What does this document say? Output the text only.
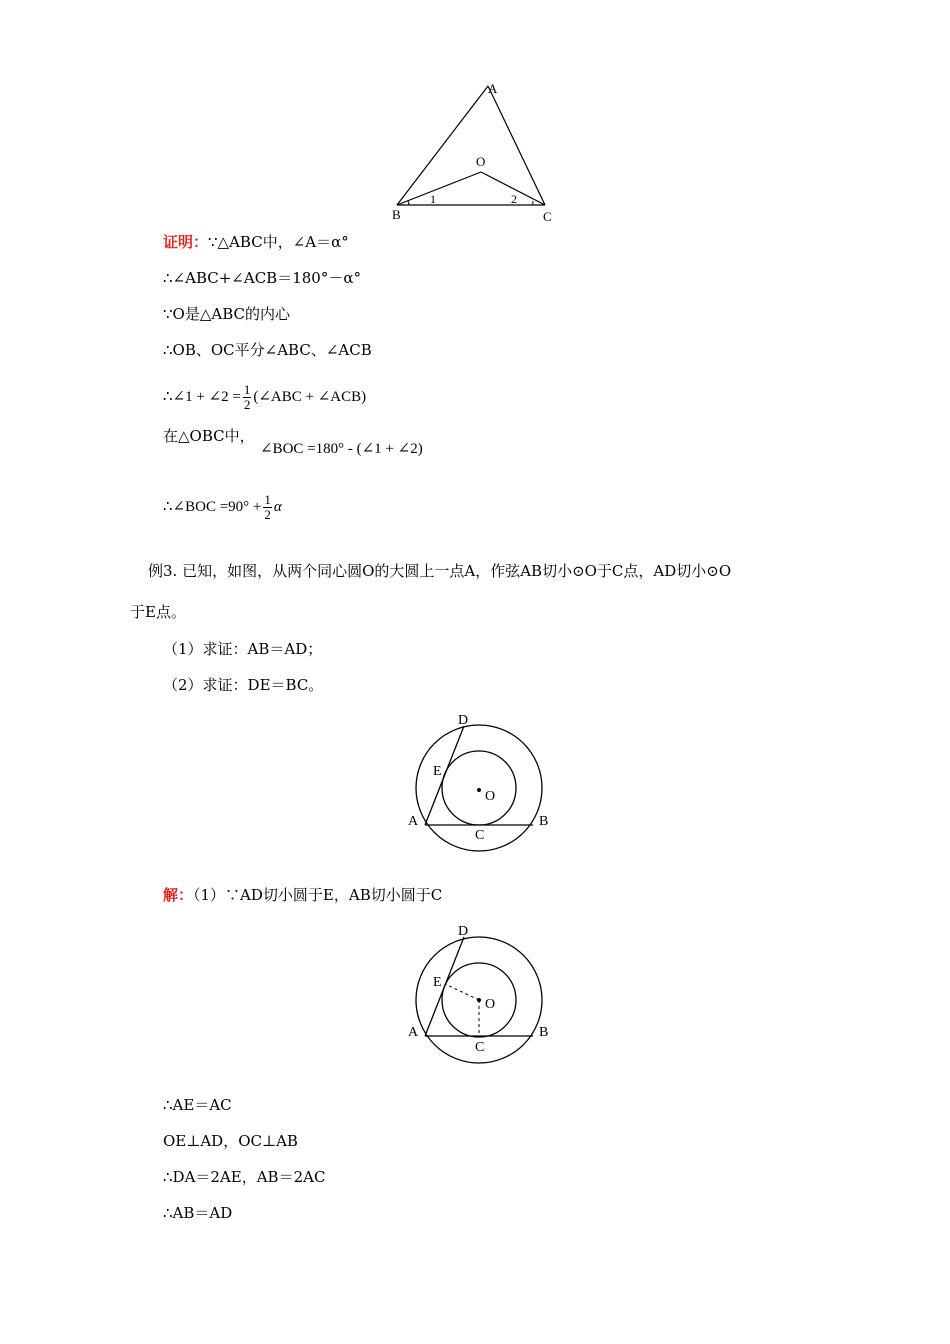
A
O
B	C
1	2
证明：∵△ABC中，∠A＝α°
∴∠ABC+∠ACB＝180°－α°
∵O是△ABC的内心
∴OB、OC平分∠ABC、∠ACB
∴∠1 + ∠2 = $\frac{1}{2}$ (∠ABC + ∠ACB)
在△OBC中，
∠BOC =180° - (∠1 + ∠2)
∴∠BOC $=90^\circ + \frac{1}{2}$ α
例3. 已知，如图，从两个同心圆O的大圆上一点A，作弦AB切小⊙O于C点，AD切小⊙O
于E点。
（1）求证：AB＝AD；
（2）求证：DE＝BC。
D
E
O
A	B
C
解：（1）∵AD切小圆于E，AB切小圆于C
D
E
O
A	B
C
∴AE＝AC
OE⊥AD，OC⊥AB
∴DA＝2AE，AB＝2AC
∴AB＝AD
